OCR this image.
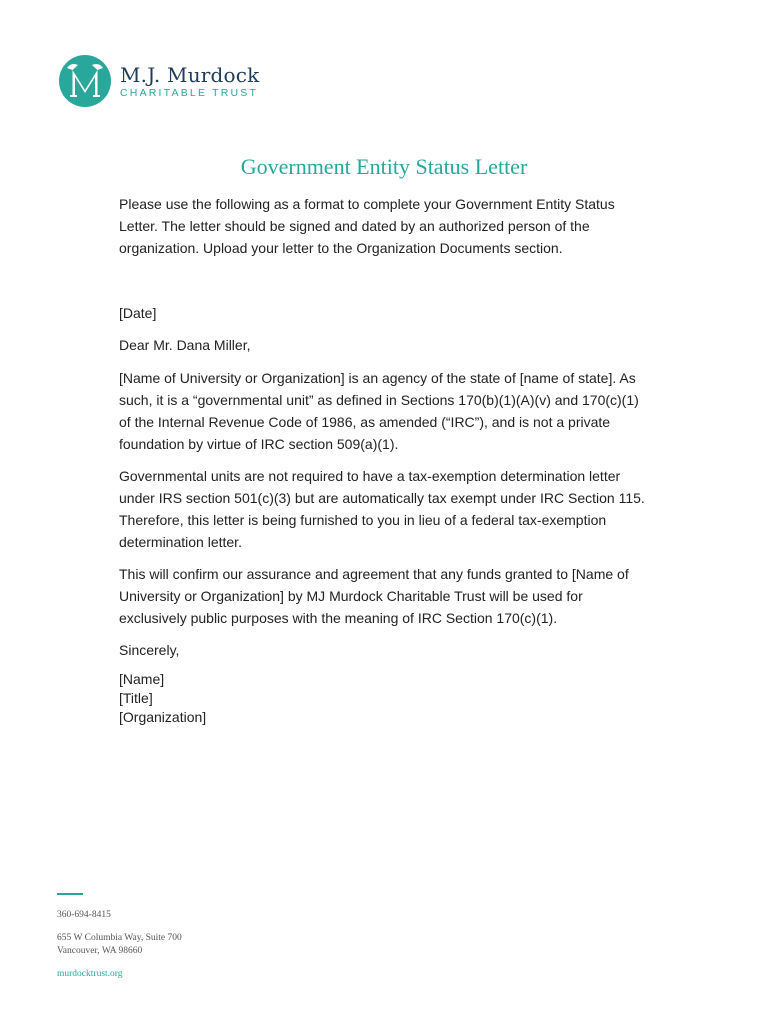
M.J. Murdock
CHARITABLE TRUST
Government Entity Status Letter

Please use the following as a format to complete your Government Entity Status Letter. The letter should be signed and dated by an authorized person of the organization. Upload your letter to the Organization Documents section.

[Date]

Dear Mr. Dana Miller,

[Name of University or Organization] is an agency of the state of [name of state]. As such, it is a “governmental unit” as defined in Sections 170(b)(1)(A)(v) and 170(c)(1) of the Internal Revenue Code of 1986, as amended (“IRC”), and is not a private foundation by virtue of IRC section 509(a)(1).

Governmental units are not required to have a tax-exemption determination letter under IRS section 501(c)(3) but are automatically tax exempt under IRC Section 115. Therefore, this letter is being furnished to you in lieu of a federal tax-exemption determination letter.

This will confirm our assurance and agreement that any funds granted to [Name of University or Organization] by MJ Murdock Charitable Trust will be used for exclusively public purposes with the meaning of IRC Section 170(c)(1).

Sincerely,

[Name]
[Title]
[Organization]
360-694-8415
655 W Columbia Way, Suite 700
Vancouver, WA 98660
murdocktrust.org
